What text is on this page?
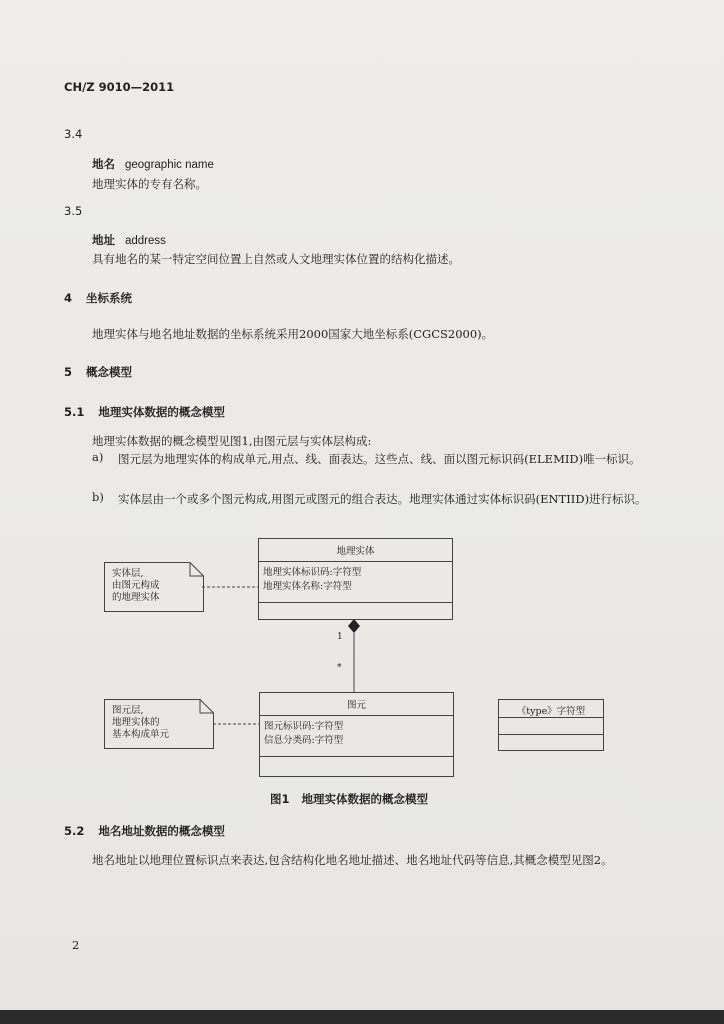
CH/Z 9010—2011
3.4
地名 geographic name
地理实体的专有名称。
3.5
地址 address
具有地名的某一特定空间位置上自然或人文地理实体位置的结构化描述。
4 坐标系统
地理实体与地名地址数据的坐标系统采用2000国家大地坐标系(CGCS2000)。
5 概念模型
5.1 地理实体数据的概念模型
地理实体数据的概念模型见图1,由图元层与实体层构成:
a) 图元层为地理实体的构成单元,用点、线、面表达。这些点、线、面以图元标识码(ELEMID)唯一标识。
b) 实体层由一个或多个图元构成,用图元或图元的组合表达。地理实体通过实体标识码(ENTIID)进行标识。
地理实体
地理实体标识码:字符型
地理实体名称:字符型
1
*
图元
图元标识码:字符型
信息分类码:字符型
《type》字符型
实体层,
由图元构成
的地理实体
图元层,
地理实体的
基本构成单元
图1   地理实体数据的概念模型
5.2 地名地址数据的概念模型
地名地址以地理位置标识点来表达,包含结构化地名地址描述、地名地址代码等信息,其概念模型见图2。
2
